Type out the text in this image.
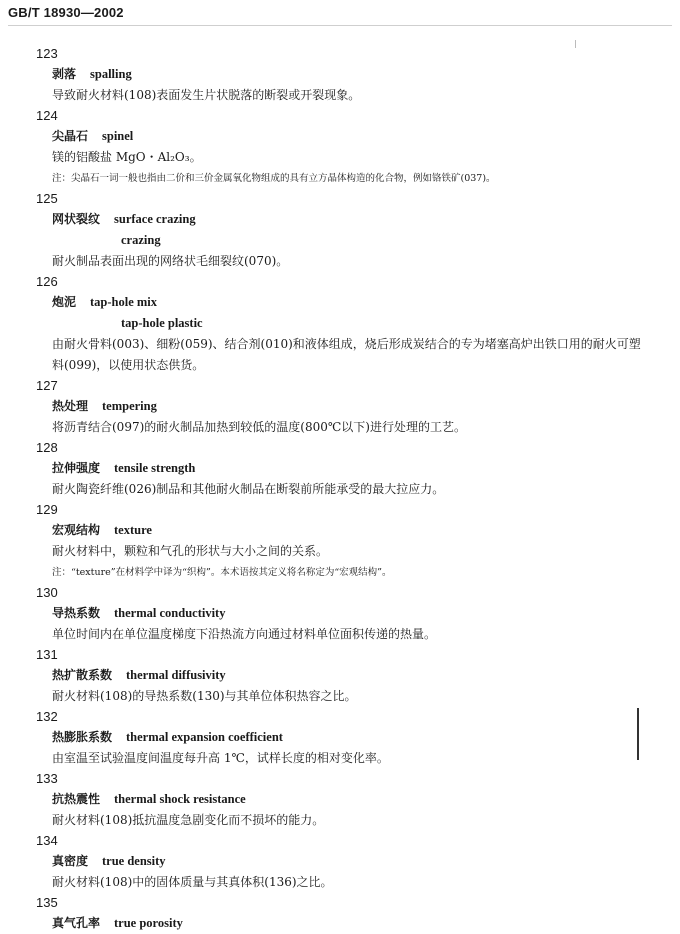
GB/T 18930—2002
123
剥落 spalling
导致耐火材料(108)表面发生片状脱落的断裂或开裂现象。
124
尖晶石 spinel
镁的铝酸盐 MgO・Al₂O₃。
注：尖晶石一词一般也指由二价和三价金属氧化物组成的具有立方晶体构造的化合物，例如铬铁矿(037)。
125
网状裂纹 surface crazing
crazing
耐火制品表面出现的网络状毛细裂纹(070)。
126
炮泥 tap-hole mix
tap-hole plastic
由耐火骨料(003)、细粉(059)、结合剂(010)和液体组成，烧后形成炭结合的专为堵塞高炉出铁口用的耐火可塑料(099)，以使用状态供货。
127
热处理 tempering
将沥青结合(097)的耐火制品加热到较低的温度(800℃以下)进行处理的工艺。
128
拉伸强度 tensile strength
耐火陶瓷纤维(026)制品和其他耐火制品在断裂前所能承受的最大拉应力。
129
宏观结构 texture
耐火材料中，颗粒和气孔的形状与大小之间的关系。
注：“texture”在材料学中译为“织构”。本术语按其定义将名称定为“宏观结构”。
130
导热系数 thermal conductivity
单位时间内在单位温度梯度下沿热流方向通过材料单位面积传递的热量。
131
热扩散系数 thermal diffusivity
耐火材料(108)的导热系数(130)与其单位体积热容之比。
132
热膨胀系数 thermal expansion coefficient
由室温至试验温度间温度每升高 1℃，试样长度的相对变化率。
133
抗热震性 thermal shock resistance
耐火材料(108)抵抗温度急剧变化而不损坏的能力。
134
真密度 true density
耐火材料(108)中的固体质量与其真体积(136)之比。
135
真气孔率 true porosity
